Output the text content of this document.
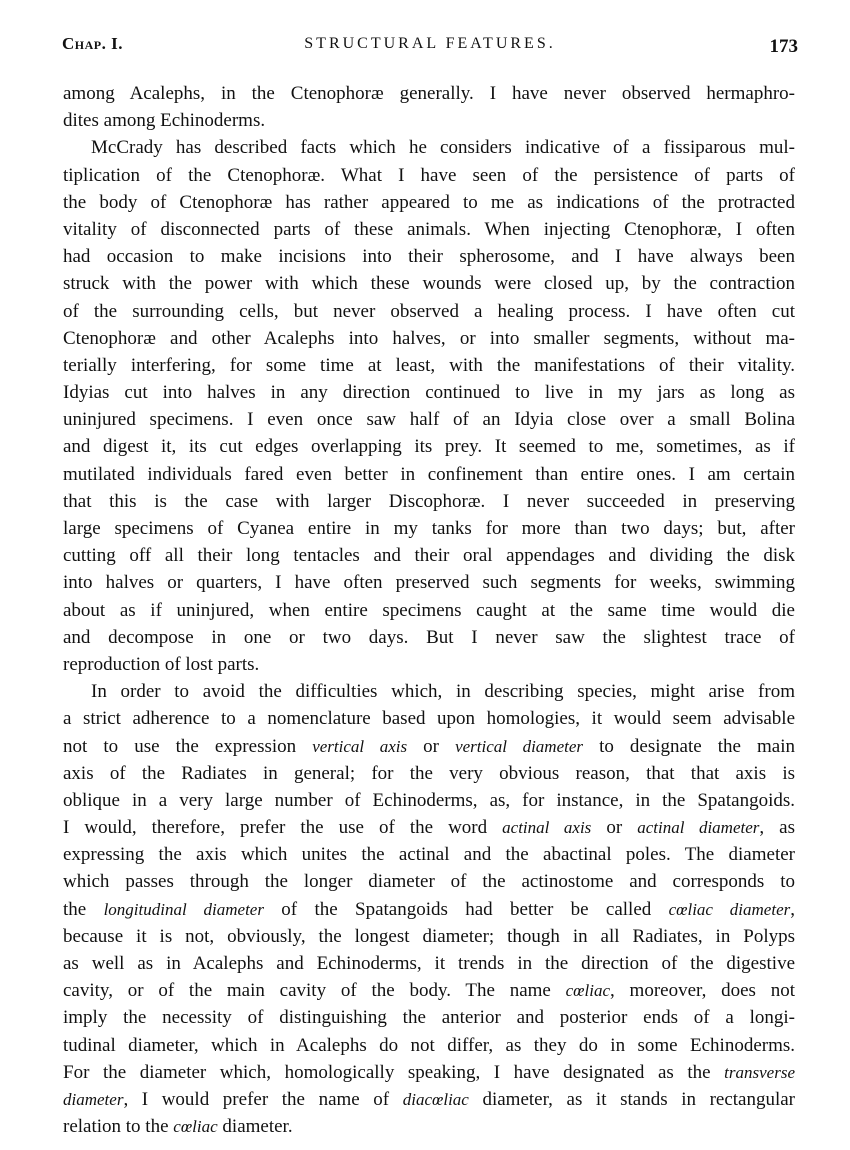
Chap. I.	STRUCTURAL FEATURES.	173
among Acalephs, in the Ctenophoræ generally. I have never observed hermaphro-
dites among Echinoderms.
McCrady has described facts which he considers indicative of a fissiparous mul-
tiplication of the Ctenophoræ. What I have seen of the persistence of parts of
the body of Ctenophoræ has rather appeared to me as indications of the protracted
vitality of disconnected parts of these animals. When injecting Ctenophoræ, I often
had occasion to make incisions into their spherosome, and I have always been
struck with the power with which these wounds were closed up, by the contraction
of the surrounding cells, but never observed a healing process. I have often cut
Ctenophoræ and other Acalephs into halves, or into smaller segments, without ma-
terially interfering, for some time at least, with the manifestations of their vitality.
Idyias cut into halves in any direction continued to live in my jars as long as
uninjured specimens. I even once saw half of an Idyia close over a small Bolina
and digest it, its cut edges overlapping its prey. It seemed to me, sometimes, as if
mutilated individuals fared even better in confinement than entire ones. I am certain
that this is the case with larger Discophoræ. I never succeeded in preserving
large specimens of Cyanea entire in my tanks for more than two days; but, after
cutting off all their long tentacles and their oral appendages and dividing the disk
into halves or quarters, I have often preserved such segments for weeks, swimming
about as if uninjured, when entire specimens caught at the same time would die
and decompose in one or two days. But I never saw the slightest trace of
reproduction of lost parts.
In order to avoid the difficulties which, in describing species, might arise from
a strict adherence to a nomenclature based upon homologies, it would seem advisable
not to use the expression vertical axis or vertical diameter to designate the main
axis of the Radiates in general; for the very obvious reason, that that axis is
oblique in a very large number of Echinoderms, as, for instance, in the Spatangoids.
I would, therefore, prefer the use of the word actinal axis or actinal diameter, as
expressing the axis which unites the actinal and the abactinal poles. The diameter
which passes through the longer diameter of the actinostome and corresponds to
the longitudinal diameter of the Spatangoids had better be called cœliac diameter,
because it is not, obviously, the longest diameter; though in all Radiates, in Polyps
as well as in Acalephs and Echinoderms, it trends in the direction of the digestive
cavity, or of the main cavity of the body. The name cœliac, moreover, does not
imply the necessity of distinguishing the anterior and posterior ends of a longi-
tudinal diameter, which in Acalephs do not differ, as they do in some Echinoderms.
For the diameter which, homologically speaking, I have designated as the transverse
diameter, I would prefer the name of diacœliac diameter, as it stands in rectangular
relation to the cœliac diameter.
